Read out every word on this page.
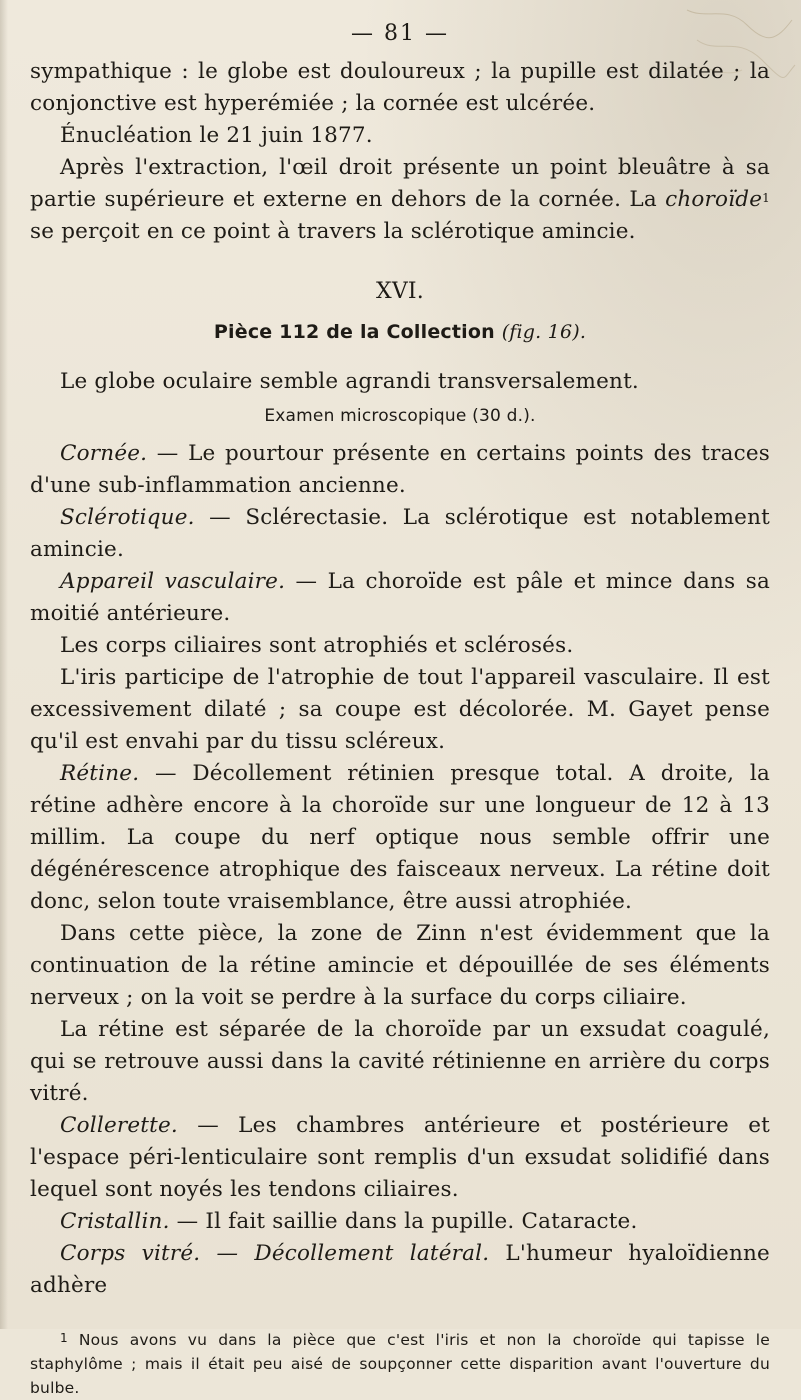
— 81 —

sympathique : le globe est douloureux ; la pupille est dilatée ; la conjonctive est hyperémiée ; la cornée est ulcérée.

Énucléation le 21 juin 1877.

Après l'extraction, l'œil droit présente un point bleuâtre à sa partie supérieure et externe en dehors de la cornée. La choroïde$^1$ se perçoit en ce point à travers la sclérotique amincie.

XVI.
Pièce 112 de la Collection (fig. 16).

Le globe oculaire semble agrandi transversalement.

Examen microscopique (30 d.).

Cornée. — Le pourtour présente en certains points des traces d'une sub-inflammation ancienne.

Sclérotique. — Sclérectasie. La sclérotique est notablement amincie.

Appareil vasculaire. — La choroïde est pâle et mince dans sa moitié antérieure.

Les corps ciliaires sont atrophiés et sclérosés.

L'iris participe de l'atrophie de tout l'appareil vasculaire. Il est excessivement dilaté ; sa coupe est décolorée. M. Gayet pense qu'il est envahi par du tissu scléreux.

Rétine. — Décollement rétinien presque total. A droite, la rétine adhère encore à la choroïde sur une longueur de 12 à 13 millim. La coupe du nerf optique nous semble offrir une dégénérescence atrophique des faisceaux nerveux. La rétine doit donc, selon toute vraisemblance, être aussi atrophiée.

Dans cette pièce, la zone de Zinn n'est évidemment que la continuation de la rétine amincie et dépouillée de ses éléments nerveux ; on la voit se perdre à la surface du corps ciliaire.

La rétine est séparée de la choroïde par un exsudat coagulé, qui se retrouve aussi dans la cavité rétinienne en arrière du corps vitré.

Collerette. — Les chambres antérieure et postérieure et l'espace péri-lenticulaire sont remplis d'un exsudat solidifié dans lequel sont noyés les tendons ciliaires.

Cristallin. — Il fait saillie dans la pupille. Cataracte.

Corps vitré. — Décollement latéral. L'humeur hyaloïdienne adhère

$^1$ Nous avons vu dans la pièce que c'est l'iris et non la choroïde qui tapisse le staphylôme ; mais il était peu aisé de soupçonner cette disparition avant l'ouverture du bulbe.
